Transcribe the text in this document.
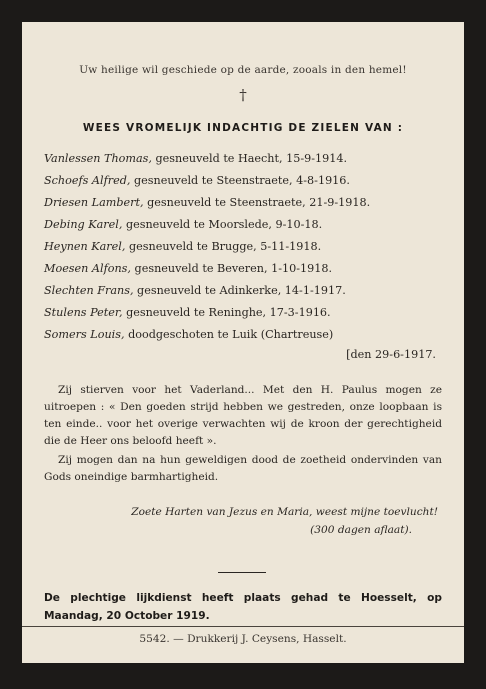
Uw heilige wil geschiede op de aarde, zooals in den hemel!
†
WEES VROMELIJK INDACHTIG DE ZIELEN VAN :
Vanlessen Thomas, gesneuveld te Haecht, 15-9-1914.
Schoefs Alfred, gesneuveld te Steenstraete, 4-8-1916.
Driesen Lambert, gesneuveld te Steenstraete, 21-9-1918.
Debing Karel, gesneuveld te Moorslede, 9-10-18.
Heynen Karel, gesneuveld te Brugge, 5-11-1918.
Moesen Alfons, gesneuveld te Beveren, 1-10-1918.
Slechten Frans, gesneuveld te Adinkerke, 14-1-1917.
Stulens Peter, gesneuveld te Reninghe, 17-3-1916.
Somers Louis, doodgeschoten te Luik (Chartreuse)
[den 29-6-1917.
Zij stierven voor het Vaderland... Met den H. Paulus mogen ze uitroepen : « Den goeden strijd hebben we gestreden, onze loopbaan is ten einde.. voor het overige verwachten wij de kroon der gerechtigheid die de Heer ons beloofd heeft ».
Zij mogen dan na hun geweldigen dood de zoetheid ondervinden van Gods oneindige barmhartigheid.
Zoete Harten van Jezus en Maria, weest mijne toevlucht!
(300 dagen aflaat).
De plechtige lijkdienst heeft plaats gehad te Hoesselt, op Maandag, 20 October 1919.
5542. — Drukkerij J. Ceysens, Hasselt.
